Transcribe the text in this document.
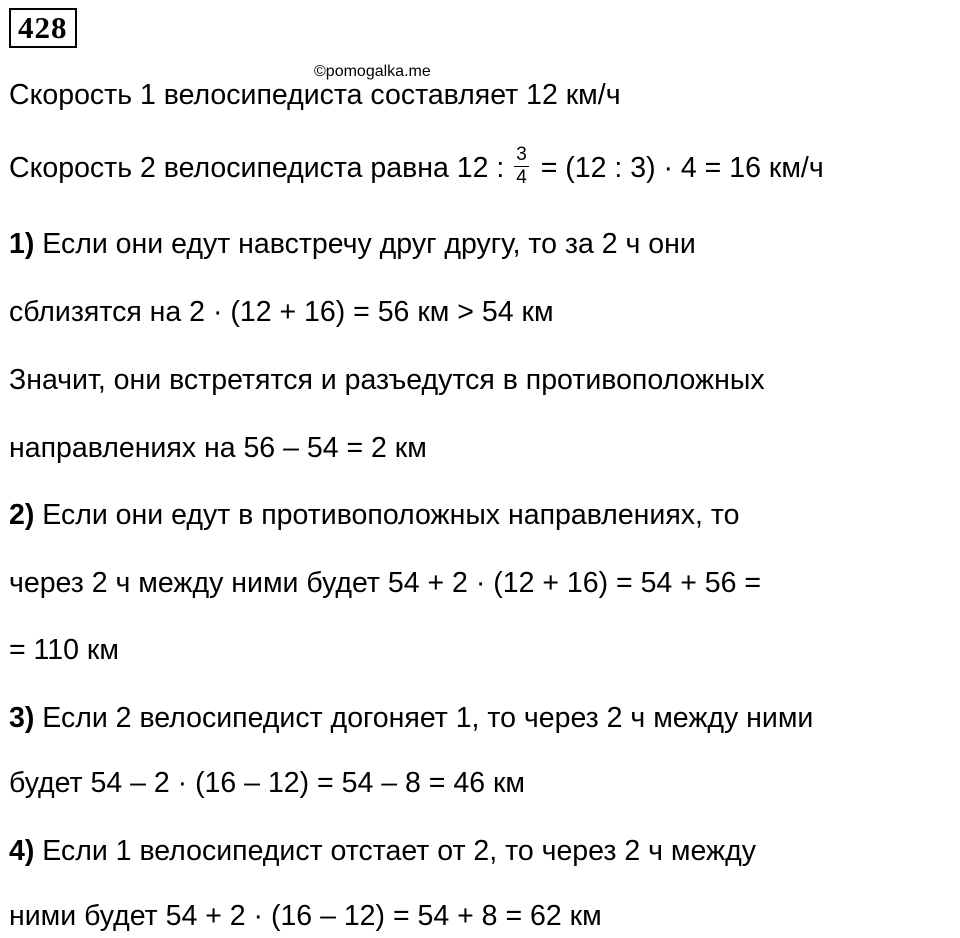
428
©pomogalka.me
Скорость 1 велосипедиста составляет 12 км/ч
Скорость 2 велосипедиста равна 12 : $\frac{3}{4} = (12$ : 3) · 4 = 16 км/ч
1) Если они едут навстречу друг другу, то за 2 ч они
сблизятся на 2 · (12 + 16) = 56 км > 54 км
Значит, они встретятся и разъедутся в противоположных
направлениях на 56 – 54 = 2 км
2) Если они едут в противоположных направлениях, то
через 2 ч между ними будет 54 + 2 · (12 + 16) = 54 + 56 =
= 110 км
3) Если 2 велосипедист догоняет 1, то через 2 ч между ними
будет 54 – 2 · (16 – 12) = 54 – 8 = 46 км
4) Если 1 велосипедист отстает от 2, то через 2 ч между
ними будет 54 + 2 · (16 – 12) = 54 + 8 = 62 км
